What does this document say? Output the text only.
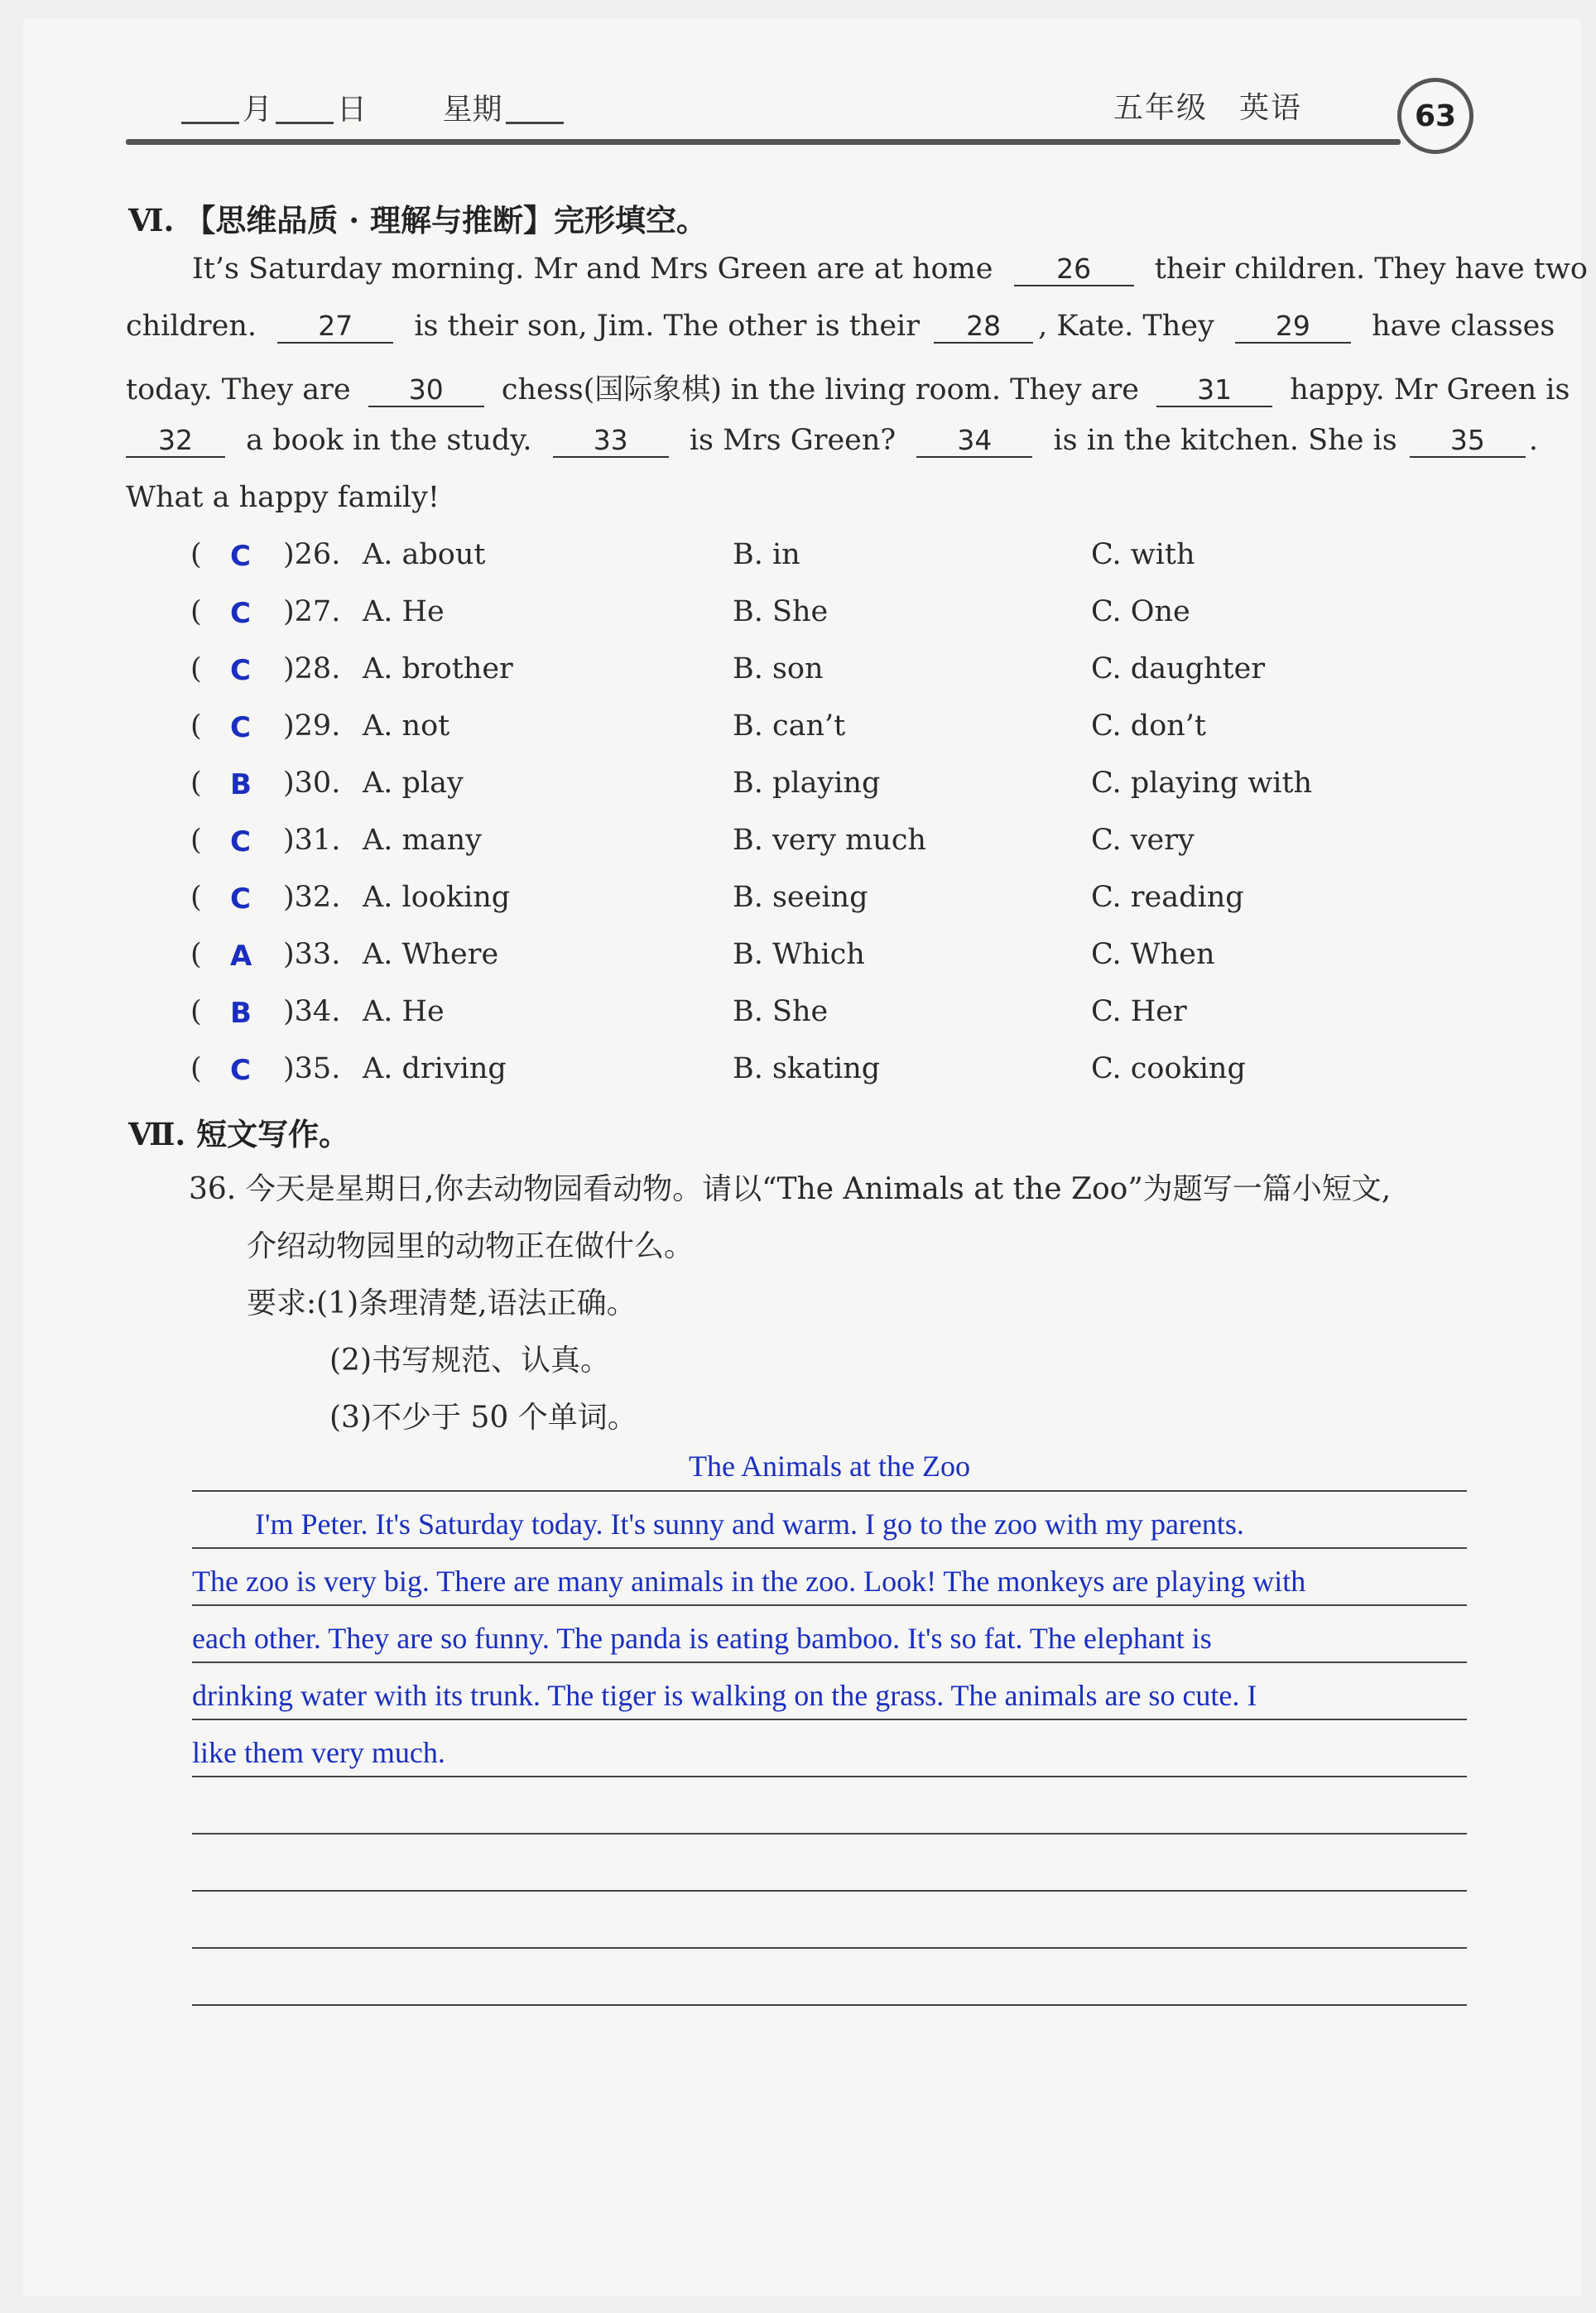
月 日	星期	五年级　英语	63
Ⅵ. 【思维品质 · 理解与推断】完形填空。
It’s Saturday morning. Mr and Mrs Green are at home 26 their children. They have two
children. 27 is their son, Jim. The other is their 28 , Kate. They 29 have classes
today. They are 30 chess(国际象棋) in the living room. They are 31 happy. Mr Green is
32 a book in the study. 33 is Mrs Green? 34 is in the kitchen. She is 35 .
What a happy family!
( C )26. A. about	B. in	C. with
( C )27. A. He	B. She	C. One
( C )28. A. brother	B. son	C. daughter
( C )29. A. not	B. can’t	C. don’t
( B )30. A. play	B. playing	C. playing with
( C )31. A. many	B. very much	C. very
( C )32. A. looking	B. seeing	C. reading
( A )33. A. Where	B. Which	C. When
( B )34. A. He	B. She	C. Her
( C )35. A. driving	B. skating	C. cooking
Ⅶ. 短文写作。
36. 今天是星期日,你去动物园看动物。请以“The Animals at the Zoo”为题写一篇小短文,
介绍动物园里的动物正在做什么。
要求:(1)条理清楚,语法正确。
(2)书写规范、认真。
(3)不少于 50 个单词。
The Animals at the Zoo
I'm Peter. It's Saturday today. It's sunny and warm. I go to the zoo with my parents.
The zoo is very big. There are many animals in the zoo. Look! The monkeys are playing with
each other. They are so funny. The panda is eating bamboo. It's so fat. The elephant is
drinking water with its trunk. The tiger is walking on the grass. The animals are so cute. I
like them very much.
